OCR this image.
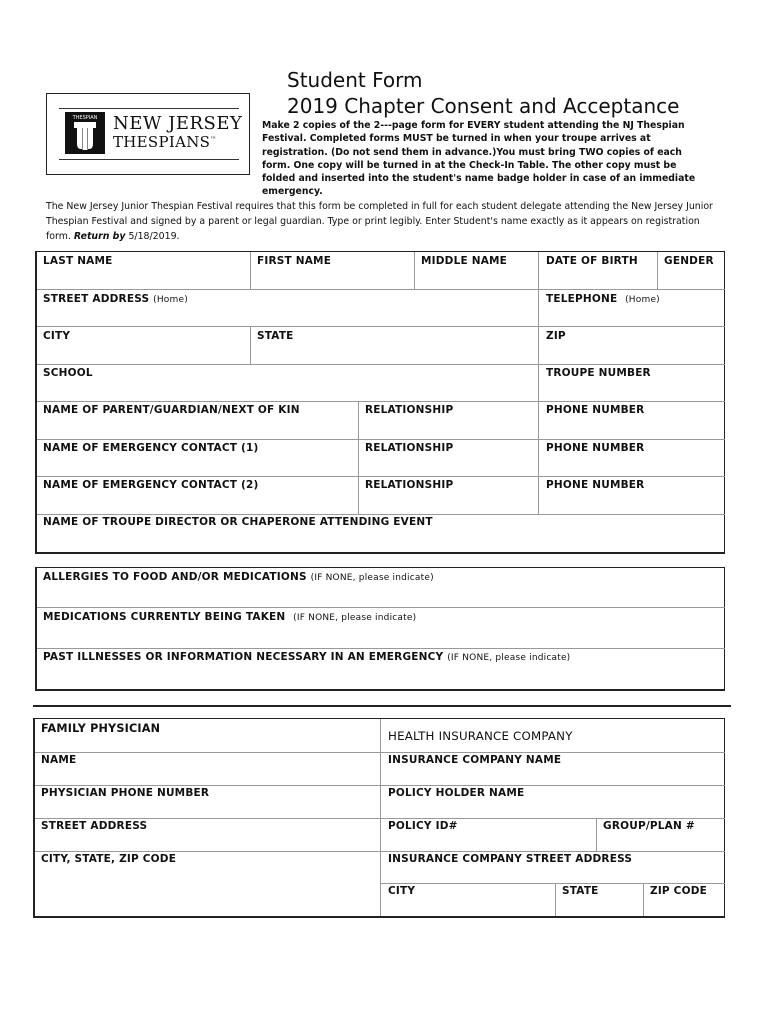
THESPIAN NEW JERSEY
THESPIANS™
Student Form
2019 Chapter Consent and Acceptance
Make 2 copies of the 2---page form for EVERY student attending the NJ Thespian Festival. Completed forms MUST be turned in when your troupe arrives at registration. (Do not send them in advance.)You must bring TWO copies of each form. One copy will be turned in at the Check-In Table. The other copy must be folded and inserted into the student's name badge holder in case of an immediate emergency.
The New Jersey Junior Thespian Festival requires that this form be completed in full for each student delegate attending the New Jersey Junior Thespian Festival and signed by a parent or legal guardian. Type or print legibly. Enter Student's name exactly as it appears on registration form. Return by 5/18/2019.
LAST NAME	FIRST NAME	MIDDLE NAME	DATE OF BIRTH GENDER
STREET ADDRESS (Home)	TELEPHONE (Home)
CITY	STATE	ZIP
SCHOOL	TROUPE NUMBER
NAME OF PARENT/GUARDIAN/NEXT OF KIN	RELATIONSHIP	PHONE NUMBER
NAME OF EMERGENCY CONTACT (1)	RELATIONSHIP	PHONE NUMBER
NAME OF EMERGENCY CONTACT (2)	RELATIONSHIP	PHONE NUMBER
NAME OF TROUPE DIRECTOR OR CHAPERONE ATTENDING EVENT
ALLERGIES TO FOOD AND/OR MEDICATIONS (IF NONE, please indicate)
MEDICATIONS CURRENTLY BEING TAKEN (IF NONE, please indicate)
PAST ILLNESSES OR INFORMATION NECESSARY IN AN EMERGENCY (IF NONE, please indicate)
FAMILY PHYSICIAN
HEALTH INSURANCE COMPANY
NAME	INSURANCE COMPANY NAME
PHYSICIAN PHONE NUMBER	POLICY HOLDER NAME
STREET ADDRESS	POLICY ID#	GROUP/PLAN #
CITY, STATE, ZIP CODE	INSURANCE COMPANY STREET ADDRESS
CITY	STATE	ZIP CODE
